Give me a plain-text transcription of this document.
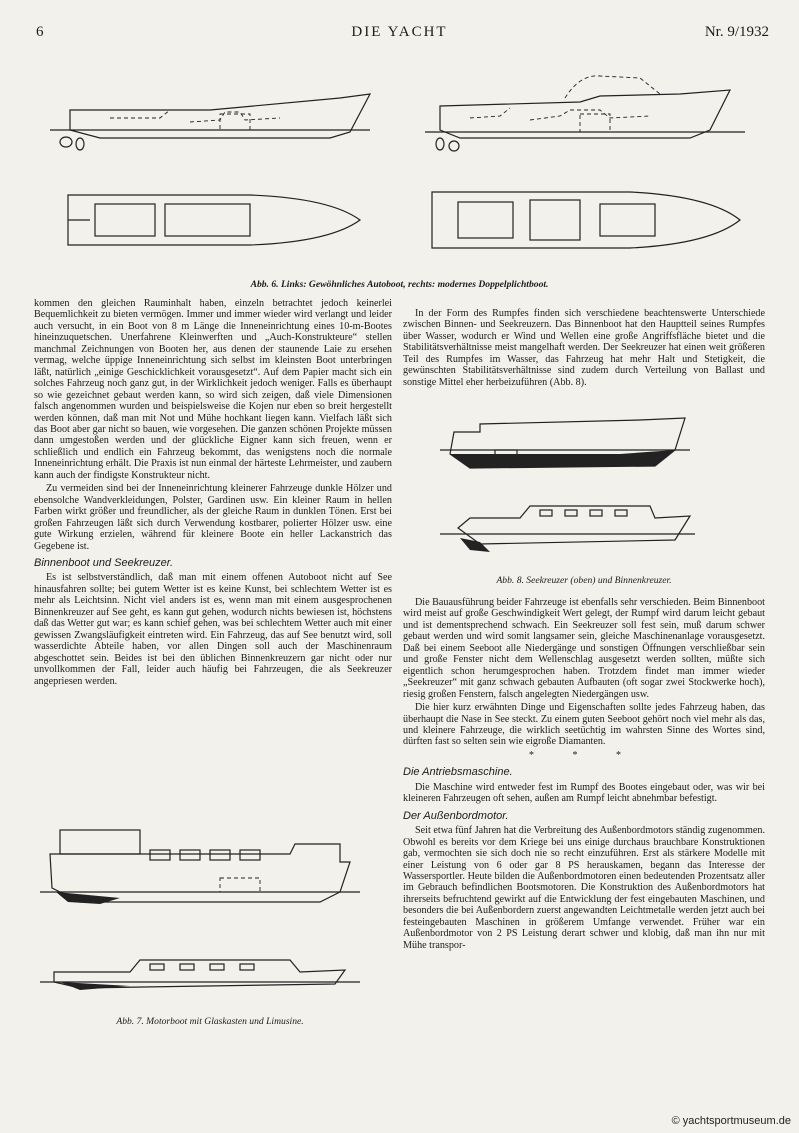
6	DIE YACHT	Nr. 9/1932
Abb. 6. Links: Gewöhnliches Autoboot, rechts: modernes Doppelplichtboot.

kommen den gleichen Rauminhalt haben, einzeln betrachtet jedoch keinerlei Bequemlichkeit zu bieten vermögen. Immer und immer wieder wird verlangt und leider auch versucht, in ein Boot von 8 m Länge die Inneneinrichtung eines 10-m-Bootes hineinzuquetschen. Unerfahrene Kleinwerften und „Auch-Konstrukteure“ stellen manchmal Zeichnungen von Booten her, aus denen der staunende Laie zu ersehen vermag, welche üppige Inneneinrichtung sich selbst im kleinsten Boot unterbringen läßt, natürlich „einige Geschicklichkeit vorausgesetzt“. Auf dem Papier macht sich ein solches Fahrzeug noch ganz gut, in der Wirklichkeit jedoch weniger. Falls es überhaupt so wie gezeichnet gebaut werden kann, so wird sich zeigen, daß viele Dimensionen falsch angenommen wurden und beispielsweise die Kojen nur eben so breit hergestellt werden können, daß man mit Not und Mühe hochkant liegen kann. Vielfach läßt sich das Boot aber gar nicht so bauen, wie vorgesehen. Die ganzen schönen Projekte müssen dann umgestoßen werden und der glückliche Eigner kann sich freuen, wenn er schließlich und endlich ein Fahrzeug bekommt, das wenigstens noch die normale Inneneinrichtung erhält. Die Praxis ist nun einmal der härteste Lehrmeister, und zaubern kann auch der findigste Konstrukteur nicht.

Zu vermeiden sind bei der Inneneinrichtung kleinerer Fahrzeuge dunkle Hölzer und ebensolche Wandverkleidungen, Polster, Gardinen usw. Ein kleiner Raum in hellen Farben wirkt größer und freundlicher, als der gleiche Raum in dunklen Tönen. Erst bei großen Fahrzeugen läßt sich durch Verwendung kostbarer, polierter Hölzer usw. eine gute Wirkung erzielen, während für kleinere Boote ein heller Lackanstrich das Gegebene ist.

Binnenboot und Seekreuzer.

Es ist selbstverständlich, daß man mit einem offenen Autoboot nicht auf See hinausfahren sollte; bei gutem Wetter ist es keine Kunst, bei schlechtem Wetter ist es mehr als Leichtsinn. Nicht viel anders ist es, wenn man mit einem ausgesprochenen Binnenkreuzer auf See geht, es kann gut gehen, wodurch nichts bewiesen ist, höchstens daß das Wetter gut war; es kann schief gehen, was bei schlechtem Wetter auch mit einer gewissen Zwangsläufigkeit eintreten wird. Ein Fahrzeug, das auf See benutzt wird, soll wasserdichte Abteile haben, vor allen Dingen soll auch der Maschinenraum abgeschottet sein. Beides ist bei den üblichen Binnenkreuzern gar nicht oder nur unvollkommen der Fall, leider auch häufig bei Fahrzeugen, die als Seekreuzer angepriesen werden.

Abb. 7. Motorboot mit Glaskasten und Limusine.

In der Form des Rumpfes finden sich verschiedene beachtenswerte Unterschiede zwischen Binnen- und Seekreuzern. Das Binnenboot hat den Hauptteil seines Rumpfes über Wasser, wodurch er Wind und Wellen eine große Angriffsfläche bietet und die Stabilitätsverhältnisse meist mangelhaft werden. Der Seekreuzer hat einen weit größeren Teil des Rumpfes im Wasser, das Fahrzeug hat mehr Halt und Stetigkeit, die gewünschten Stabilitätsverhältnisse sind zudem durch Verteilung von Ballast und sonstige Mittel eher herbeizuführen (Abb. 8).

Abb. 8. Seekreuzer (oben) und Binnenkreuzer.

Die Bauausführung beider Fahrzeuge ist ebenfalls sehr verschieden. Beim Binnenboot wird meist auf große Geschwindigkeit Wert gelegt, der Rumpf wird darum leicht gebaut und ist dementsprechend schwach. Ein Seekreuzer soll fest sein, muß darum schwer gebaut werden und wird somit langsamer sein, gleiche Maschinenanlage vorausgesetzt. Daß bei einem Seeboot alle Niedergänge und sonstigen Öffnungen verschließbar sein und große Fenster nicht dem Wellenschlag ausgesetzt werden sollten, müßte sich eigentlich schon herumgesprochen haben. Trotzdem findet man immer wieder „Seekreuzer“ mit ganz schwach gebauten Aufbauten (oft sogar zwei Stockwerke hoch), riesig großen Fenstern, falsch angelegten Niedergängen usw.

Die hier kurz erwähnten Dinge und Eigenschaften sollte jedes Fahrzeug haben, das überhaupt die Nase in See steckt. Zu einem guten Seeboot gehört noch viel mehr als das, und kleinere Fahrzeuge, die wirklich seetüchtig im wahrsten Sinne des Wortes sind, dürften fast so selten sein wie eigroße Diamanten.

* * *
Die Antriebsmaschine.

Die Maschine wird entweder fest im Rumpf des Bootes eingebaut oder, was wir bei kleineren Fahrzeugen oft sehen, außen am Rumpf leicht abnehmbar befestigt.

Der Außenbordmotor.

Seit etwa fünf Jahren hat die Verbreitung des Außenbordmotors ständig zugenommen. Obwohl es bereits vor dem Kriege bei uns einige durchaus brauchbare Konstruktionen gab, vermochten sie sich doch nie so recht einzuführen. Erst als stärkere Modelle mit einer Leistung von 6 oder gar 8 PS herauskamen, begann das Interesse der Wassersportler. Heute bilden die Außenbordmotoren einen bedeutenden Prozentsatz aller im Gebrauch befindlichen Bootsmotoren. Die Konstruktion des Außenbordmotors hat ihrerseits befruchtend gewirkt auf die Entwicklung der fest eingebauten Maschinen, und besonders die bei Außenbordern zuerst angewandten Leichtmetalle werden jetzt auch bei festeingebauten Maschinen in größerem Umfange verwendet. Früher war ein Außenbordmotor von 2 PS Leistung derart schwer und klobig, daß man ihn nur mit Mühe transpor-

© yachtsportmuseum.de
